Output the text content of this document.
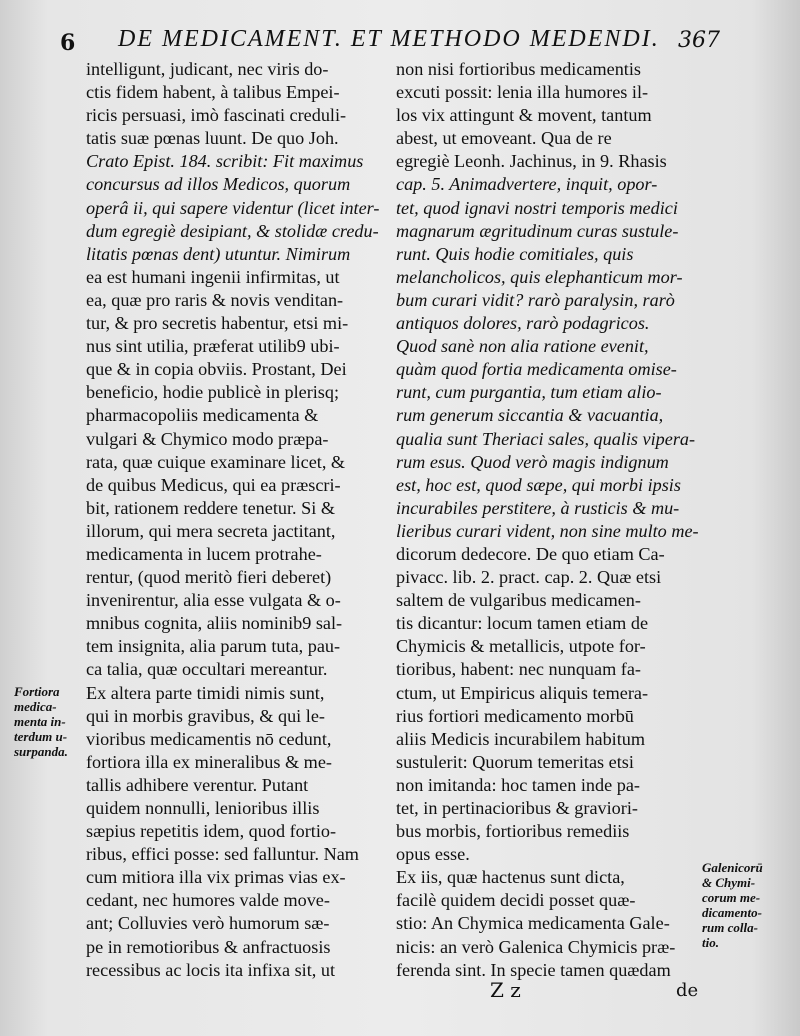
6 DE MEDICAMENT. ET METHODO MEDENDI. 367
intelligunt, judicant, nec viris do-
ctis fidem habent, à talibus Empei-
ricis persuasi, imò fascinati creduli-
tatis suæ pœnas luunt. De quo Joh.
Crato Epist. 184. scribit: Fit maximus
concursus ad illos Medicos, quorum
operâ ii, qui sapere videntur (licet inter-
dum egregiè desipiant, & stolidæ credu-
litatis pœnas dent) utuntur. Nimirum
ea est humani ingenii infirmitas, ut
ea, quæ pro raris & novis venditan-
tur, & pro secretis habentur, etsi mi-
nus sint utilia, præferat utilib9 ubi-
que & in copia obviis. Prostant, Dei
beneficio, hodie publicè in plerisq;
pharmacopoliis medicamenta &
vulgari & Chymico modo præpa-
rata, quæ cuique examinare licet, &
de quibus Medicus, qui ea præscri-
bit, rationem reddere tenetur. Si &
illorum, qui mera secreta jactitant,
medicamenta in lucem protrahe-
rentur, (quod meritò fieri deberet)
invenirentur, alia esse vulgata & o-
mnibus cognita, aliis nominib9 sal-
tem insignita, alia parum tuta, pau-
ca talia, quæ occultari mereantur.
Ex altera parte timidi nimis sunt,
qui in morbis gravibus, & qui le-
vioribus medicamentis nō cedunt,
fortiora illa ex mineralibus & me-
tallis adhibere verentur. Putant
quidem nonnulli, lenioribus illis
sæpius repetitis idem, quod fortio-
ribus, effici posse: sed falluntur. Nam
cum mitiora illa vix primas vias ex-
cedant, nec humores valde move-
ant; Colluvies verò humorum sæ-
pe in remotioribus & anfractuosis
recessibus ac locis ita infixa sit, ut
non nisi fortioribus medicamentis
excuti possit: lenia illa humores il-
los vix attingunt & movent, tantum
abest, ut emoveant. Qua de re
egregiè Leonh. Jachinus, in 9. Rhasis
cap. 5. Animadvertere, inquit, opor-
tet, quod ignavi nostri temporis medici
magnarum ægritudinum curas sustule-
runt. Quis hodie comitiales, quis
melancholicos, quis elephanticum mor-
bum curari vidit? rarò paralysin, rarò
antiquos dolores, rarò podagricos.
Quod sanè non alia ratione evenit,
quàm quod fortia medicamenta omise-
runt, cum purgantia, tum etiam alio-
rum generum siccantia & vacuantia,
qualia sunt Theriaci sales, qualis vipera-
rum esus. Quod verò magis indignum
est, hoc est, quod sæpe, qui morbi ipsis
incurabiles perstitere, à rusticis & mu-
lieribus curari vident, non sine multo me-
dicorum dedecore. De quo etiam Ca-
pivacc. lib. 2. pract. cap. 2. Quæ etsi
saltem de vulgaribus medicamen-
tis dicantur: locum tamen etiam de
Chymicis & metallicis, utpote for-
tioribus, habent: nec nunquam fa-
ctum, ut Empiricus aliquis temera-
rius fortiori medicamento morbū
aliis Medicis incurabilem habitum
sustulerit: Quorum temeritas etsi
non imitanda: hoc tamen inde pa-
tet, in pertinacioribus & graviori-
bus morbis, fortioribus remediis
opus esse.
Ex iis, quæ hactenus sunt dicta,
facilè quidem decidi posset quæ-
stio: An Chymica medicamenta Gale-
nicis: an verò Galenica Chymicis præ-
ferenda sint. In specie tamen quædam
Fortiora
medica-
menta in-
terdum u-
surpanda.
Galenicorū
& Chymi-
corum me-
dicamento-
rum colla-
tio.
Z z	de
